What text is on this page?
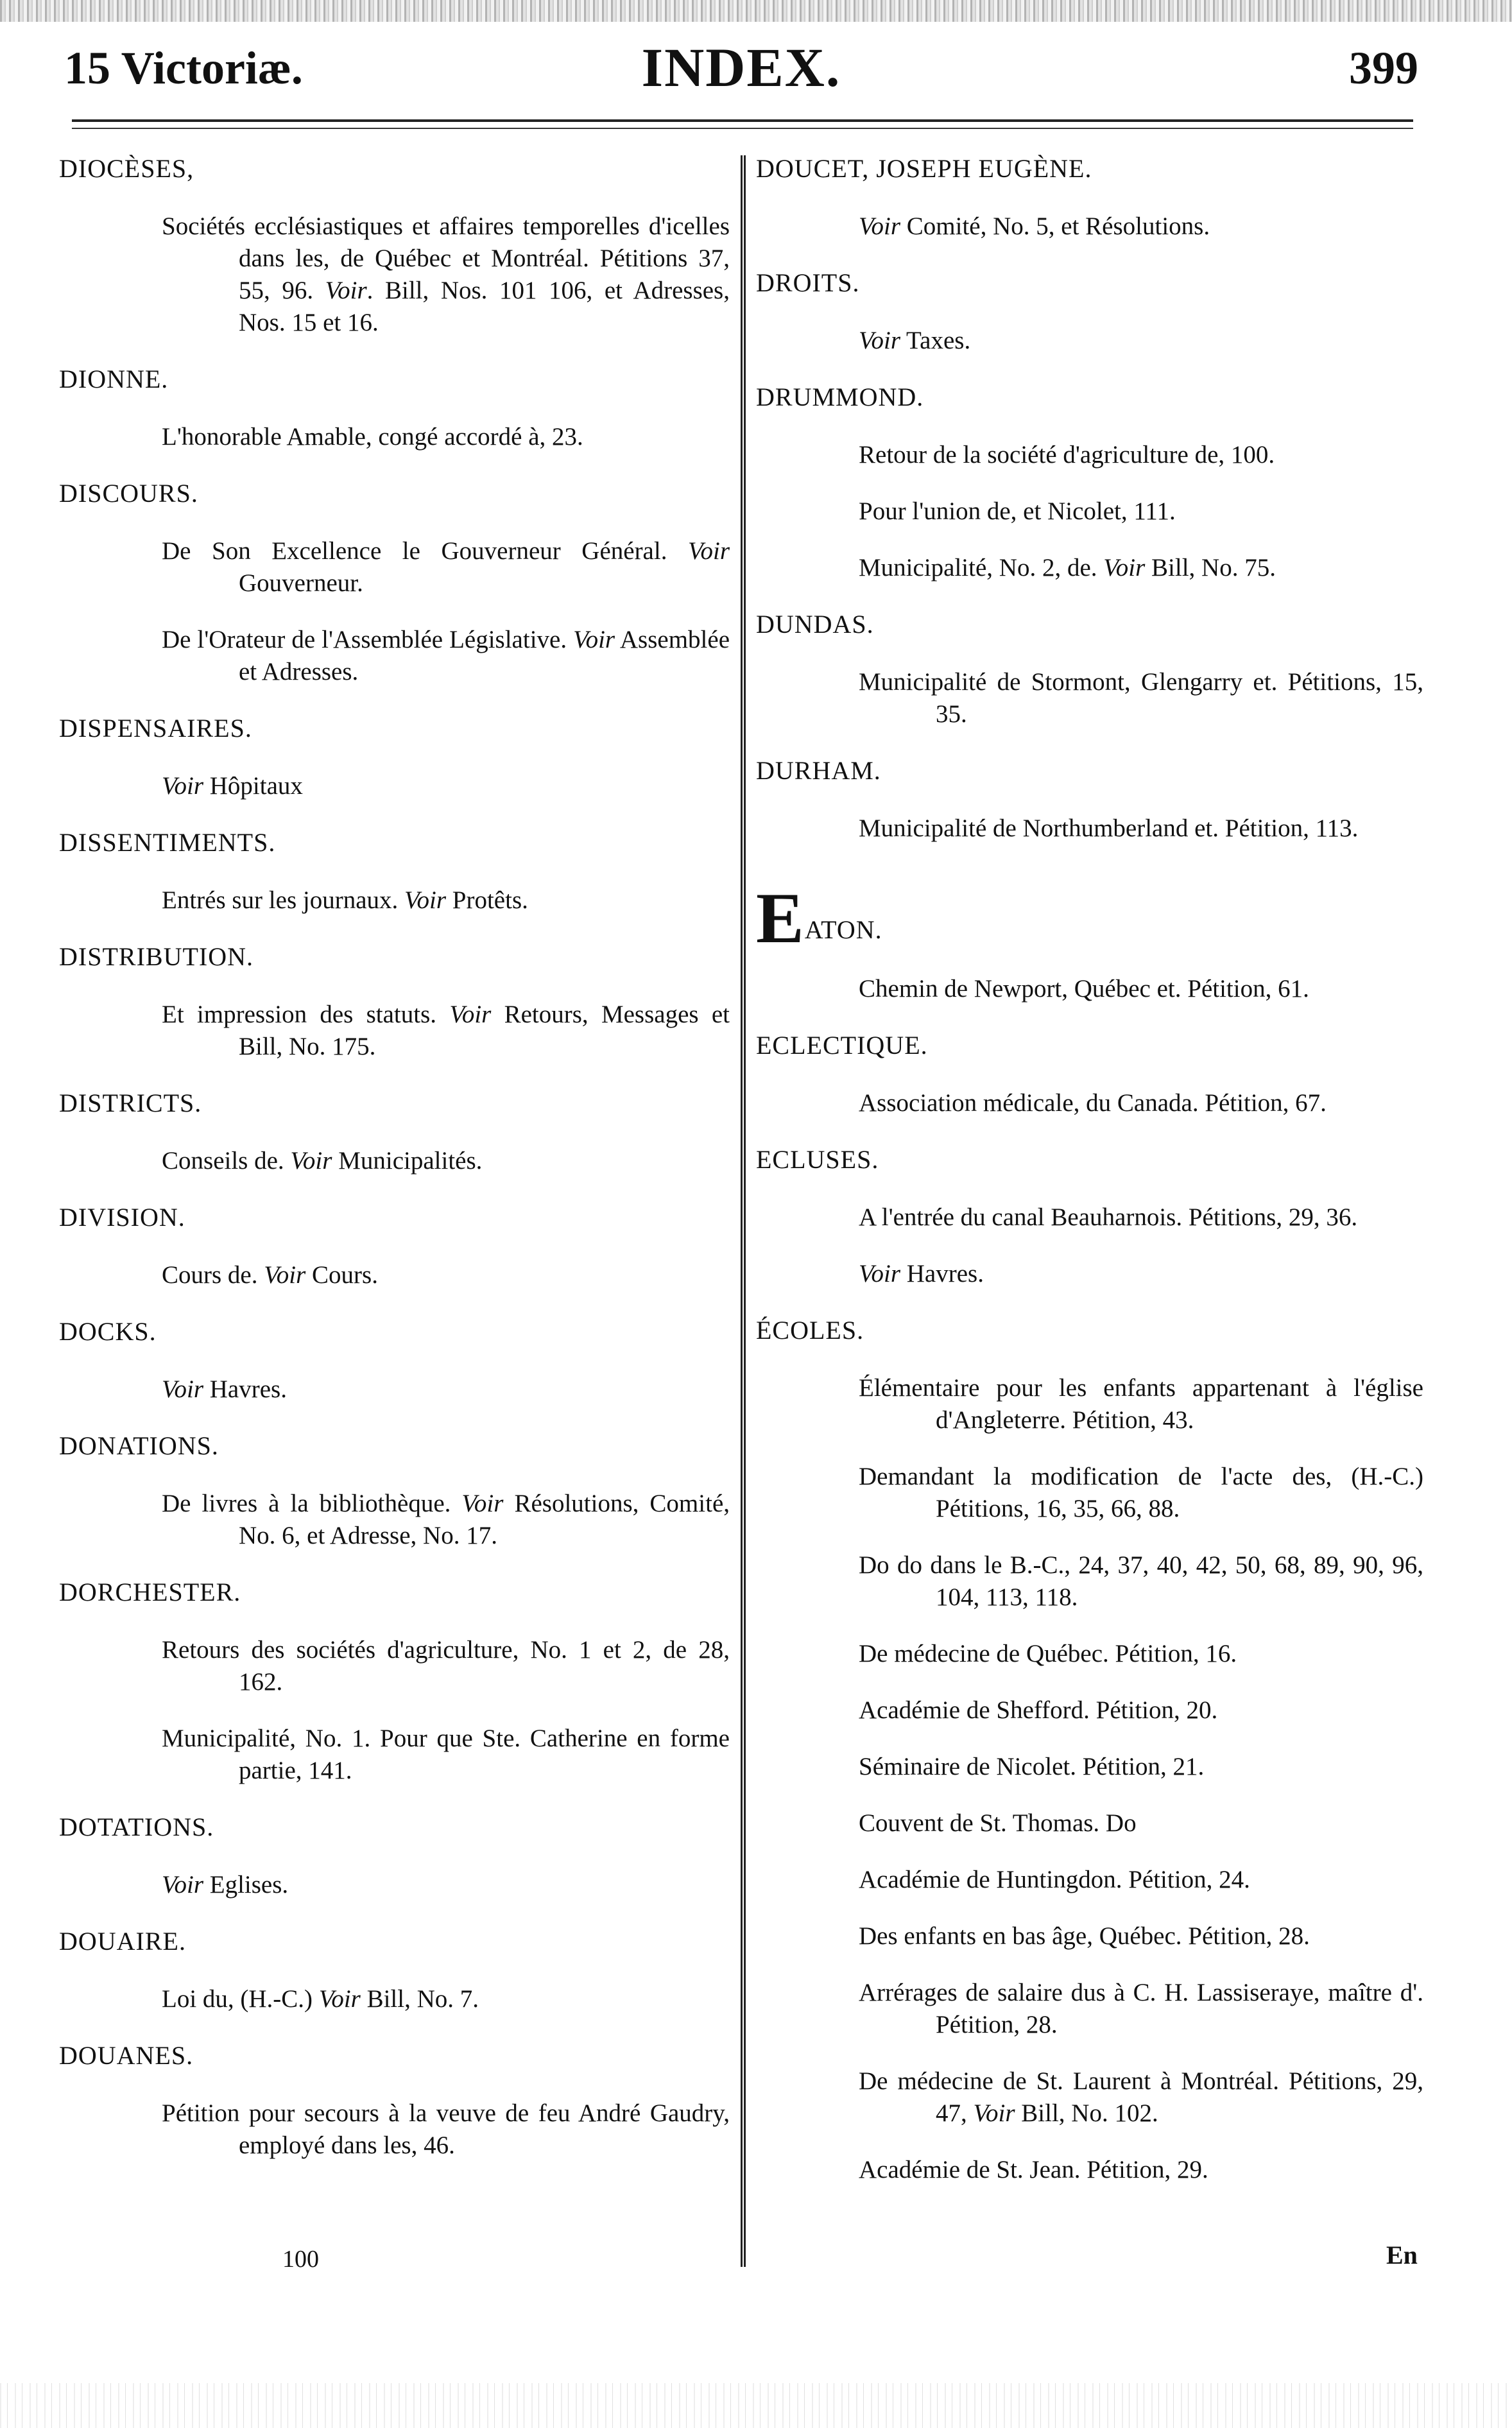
15 Victoriæ.	INDEX.	399
DIOCÈSES,
Sociétés ecclésiastiques et affaires temporelles d'icelles dans les, de Québec et Montréal. Pétitions 37, 55, 96. Voir. Bill, Nos. 101 106, et Adresses, Nos. 15 et 16.
DIONNE.
L'honorable Amable, congé accordé à, 23.
DISCOURS.
De Son Excellence le Gouverneur Général. Voir Gouverneur.
De l'Orateur de l'Assemblée Législative. Voir Assemblée et Adresses.
DISPENSAIRES.
Voir Hôpitaux
DISSENTIMENTS.
Entrés sur les journaux. Voir Protêts.
DISTRIBUTION.
Et impression des statuts. Voir Retours, Messages et Bill, No. 175.
DISTRICTS.
Conseils de. Voir Municipalités.
DIVISION.
Cours de. Voir Cours.
DOCKS.
Voir Havres.
DONATIONS.
De livres à la bibliothèque. Voir Résolutions, Comité, No. 6, et Adresse, No. 17.
DORCHESTER.
Retours des sociétés d'agriculture, No. 1 et 2, de 28, 162.
Municipalité, No. 1. Pour que Ste. Catherine en forme partie, 141.
DOTATIONS.
Voir Eglises.
DOUAIRE.
Loi du, (H.-C.) Voir Bill, No. 7.
DOUANES.
Pétition pour secours à la veuve de feu André Gaudry, employé dans les, 46.
DOUCET, JOSEPH EUGÈNE.
Voir Comité, No. 5, et Résolutions.
DROITS.
Voir Taxes.
DRUMMOND.
Retour de la société d'agriculture de, 100.
Pour l'union de, et Nicolet, 111.
Municipalité, No. 2, de. Voir Bill, No. 75.
DUNDAS.
Municipalité de Stormont, Glengarry et. Pétitions, 15, 35.
DURHAM.
Municipalité de Northumberland et. Pétition, 113.
EATON.
Chemin de Newport, Québec et. Pétition, 61.
ECLECTIQUE.
Association médicale, du Canada. Pétition, 67.
ECLUSES.
A l'entrée du canal Beauharnois. Pétitions, 29, 36.
Voir Havres.
ÉCOLES.
Élémentaire pour les enfants appartenant à l'église d'Angleterre. Pétition, 43.
Demandant la modification de l'acte des, (H.-C.) Pétitions, 16, 35, 66, 88.
Do do dans le B.-C., 24, 37, 40, 42, 50, 68, 89, 90, 96, 104, 113, 118.
De médecine de Québec. Pétition, 16.
Académie de Shefford. Pétition, 20.
Séminaire de Nicolet. Pétition, 21.
Couvent de St. Thomas. Do
Académie de Huntingdon. Pétition, 24.
Des enfants en bas âge, Québec. Pétition, 28.
Arrérages de salaire dus à C. H. Lassiseraye, maître d'. Pétition, 28.
De médecine de St. Laurent à Montréal. Pétitions, 29, 47, Voir Bill, No. 102.
Académie de St. Jean. Pétition, 29.
100	En
